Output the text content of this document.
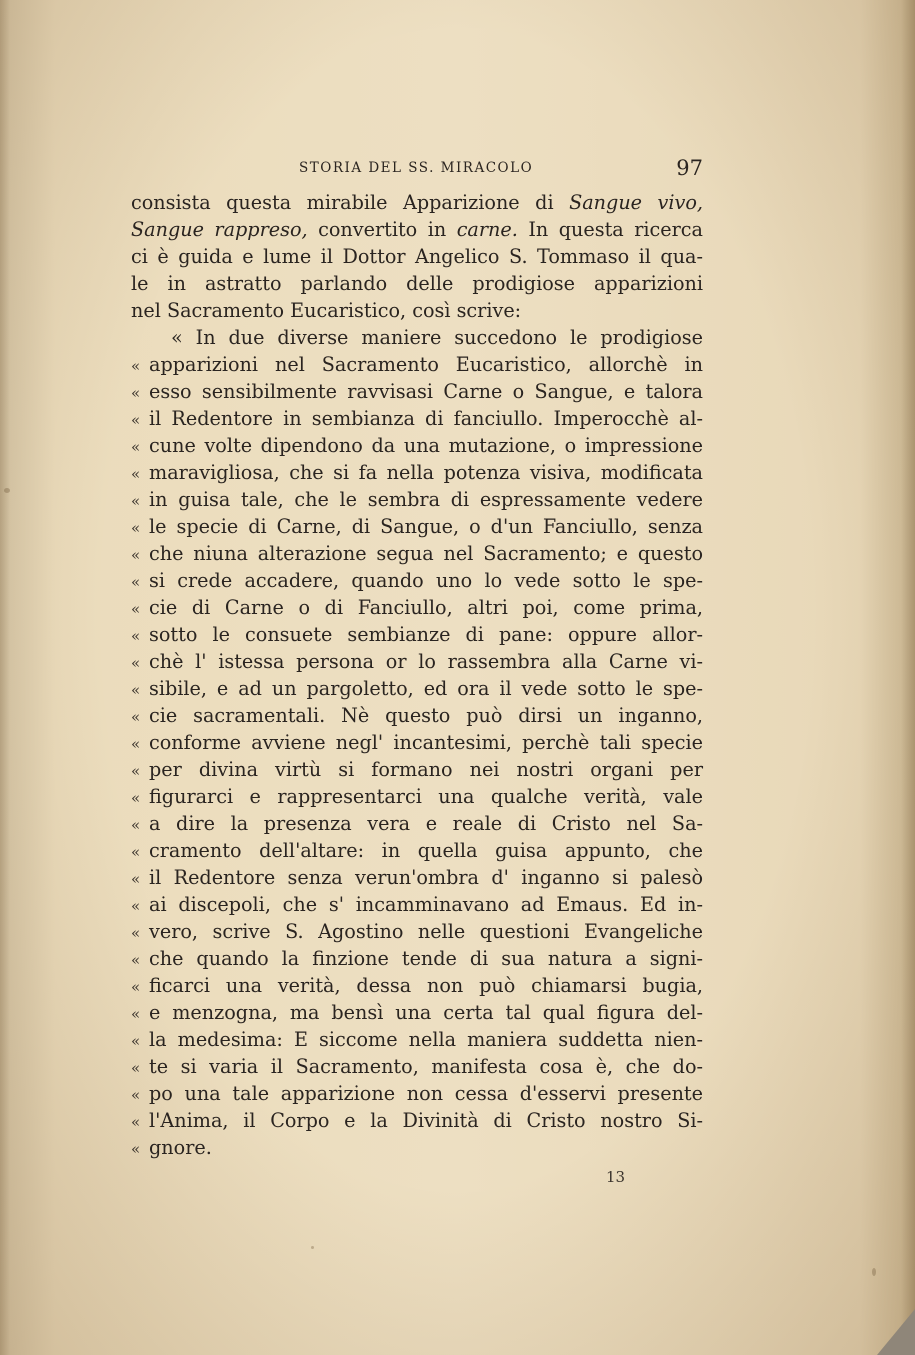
STORIA DEL SS. MIRACOLO	97
consista questa mirabile Apparizione di Sangue vivo,
Sangue rappreso, convertito in carne. In questa ricerca
ci è guida e lume il Dottor Angelico S. Tommaso il qua-
le in astratto parlando delle prodigiose apparizioni
nel Sacramento Eucaristico, così scrive:
« In due diverse maniere succedono le prodigiose
« apparizioni nel Sacramento Eucaristico, allorchè in
« esso sensibilmente ravvisasi Carne o Sangue, e talora
« il Redentore in sembianza di fanciullo. Imperocchè al-
« cune volte dipendono da una mutazione, o impressione
« maravigliosa, che si fa nella potenza visiva, modificata
« in guisa tale, che le sembra di espressamente vedere
« le specie di Carne, di Sangue, o d'un Fanciullo, senza
« che niuna alterazione segua nel Sacramento; e questo
« si crede accadere, quando uno lo vede sotto le spe-
« cie di Carne o di Fanciullo, altri poi, come prima,
« sotto le consuete sembianze di pane: oppure allor-
« chè l' istessa persona or lo rassembra alla Carne vi-
« sibile, e ad un pargoletto, ed ora il vede sotto le spe-
« cie sacramentali. Nè questo può dirsi un inganno,
« conforme avviene negl' incantesimi, perchè tali specie
« per divina virtù si formano nei nostri organi per
« figurarci e rappresentarci una qualche verità, vale
« a dire la presenza vera e reale di Cristo nel Sa-
« cramento dell'altare: in quella guisa appunto, che
« il Redentore senza verun'ombra d' inganno si palesò
« ai discepoli, che s' incamminavano ad Emaus. Ed in-
« vero, scrive S. Agostino nelle questioni Evangeliche
« che quando la finzione tende di sua natura a signi-
« ficarci una verità, dessa non può chiamarsi bugia,
« e menzogna, ma bensì una certa tal qual figura del-
« la medesima: E siccome nella maniera suddetta nien-
« te si varia il Sacramento, manifesta cosa è, che do-
« po una tale apparizione non cessa d'esservi presente
« l'Anima, il Corpo e la Divinità di Cristo nostro Si-
« gnore.
13
